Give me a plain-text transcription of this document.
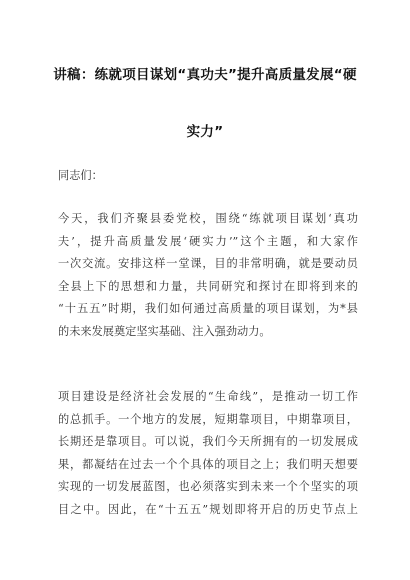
讲稿：练就项目谋划“真功夫”提升高质量发展“硬
实力”
同志们：
今天，我们齐聚县委党校，围绕“练就项目谋划‘真功
夫’，提升高质量发展‘硬实力’”这个主题，和大家作
一次交流。安排这样一堂课，目的非常明确，就是要动员
全县上下的思想和力量，共同研究和探讨在即将到来的
“十五五”时期，我们如何通过高质量的项目谋划，为*县
的未来发展奠定坚实基础、注入强劲动力。
项目建设是经济社会发展的“生命线”，是推动一切工作
的总抓手。一个地方的发展，短期靠项目，中期靠项目，
长期还是靠项目。可以说，我们今天所拥有的一切发展成
果，都凝结在过去一个个具体的项目之上；我们明天想要
实现的一切发展蓝图，也必须落实到未来一个个坚实的项
目之中。因此，在“十五五”规划即将开启的历史节点上
